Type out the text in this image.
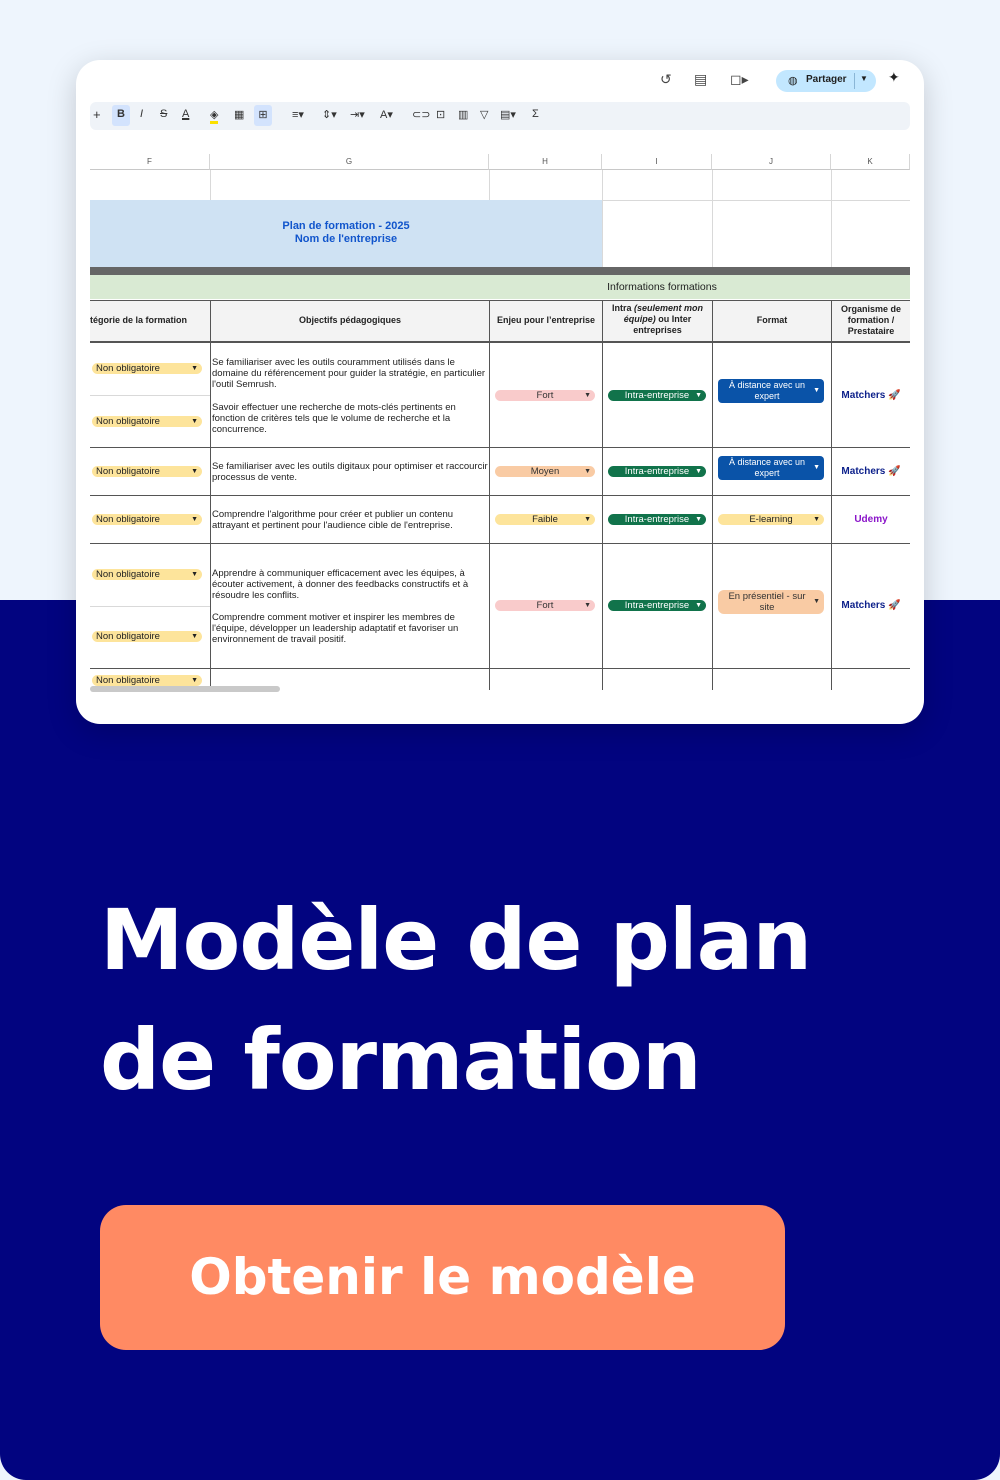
↺ ▤ ◻▸	◍ Partager ▼ ✦
+	B	I S A ◈ ▦	⊞	≡▾ ⇕▾ ⇥▾ A▾ ⊂⊃ ⊡ ▥ ▽ ▤▾ Σ
F	G	H	I	J	K
Plan de formation - 2025
Nom de l'entreprise
Informations formations
tégorie de la formation	Objectifs pédagogiques	Enjeu pour l’entreprise
Intra (seulement mon équipe) ou Inter entreprises
Format
Organisme de formation / Prestataire
Non obligatoire	▼
Non obligatoire	▼
Se familiariser avec les outils couramment utilisés dans le domaine du référencement pour guider la stratégie, en particulier l'outil Semrush.
Savoir effectuer une recherche de mots-clés pertinents en fonction de critères tels que le volume de recherche et la concurrence.
Fort	▼	Intra-entreprise ▼
À distance avec un expert
▼	Matchers 🚀
Non obligatoire	▼ Se familiariser avec les outils digitaux pour optimiser et raccourcir processus de vente.
Moyen	▼	Intra-entreprise ▼
À distance avec un expert
▼	Matchers 🚀
Non obligatoire	▼ Comprendre l'algorithme pour créer et publier un contenu attrayant et pertinent pour l'audience cible de l'entreprise.
Faible	▼	Intra-entreprise ▼	E-learning	▼	Udemy
Non obligatoire	▼
Non obligatoire	▼
Apprendre à communiquer efficacement avec les équipes, à écouter activement, à donner des feedbacks constructifs et à résoudre les conflits.
Comprendre comment motiver et inspirer les membres de l'équipe, développer un leadership adaptatif et favoriser un environnement de travail positif.
Fort	▼	Intra-entreprise ▼
En présentiel - sur site
▼	Matchers 🚀
Non obligatoire	▼
Modèle de plan de formation
Obtenir le modèle
